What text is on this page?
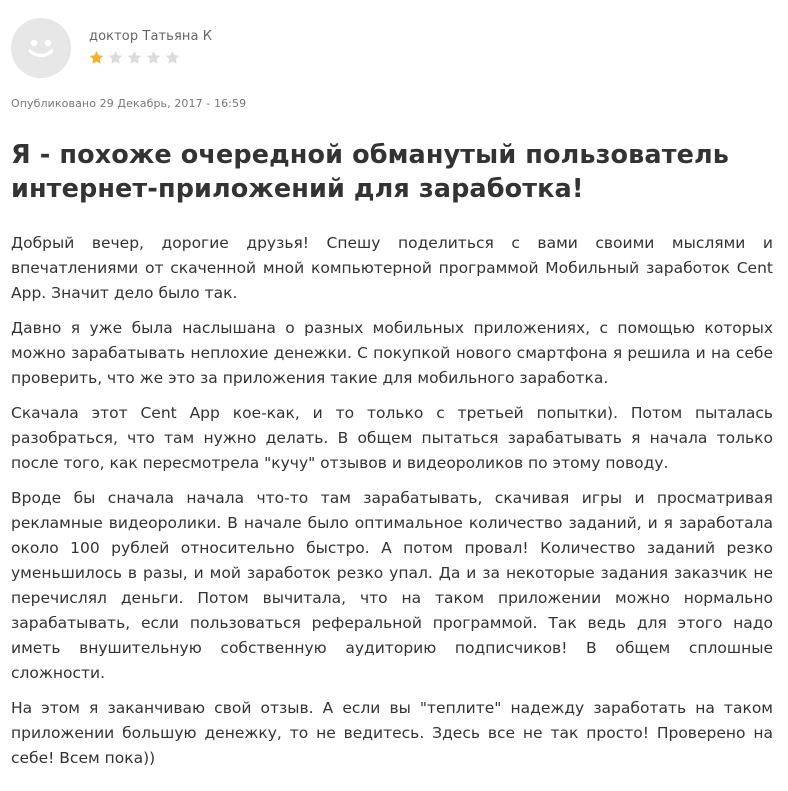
доктор Татьяна К
Опубликовано 29 Декабрь, 2017 - 16:59
Я - похоже очередной обманутый пользователь интернет-приложений для заработка!

Добрый вечер, дорогие друзья! Спешу поделиться с вами своими мыслями и впечатлениями от скаченной мной компьютерной программой Мобильный заработок Cent App. Значит дело было так.

Давно я уже была наслышана о разных мобильных приложениях, с помощью которых можно зарабатывать неплохие денежки. С покупкой нового смартфона я решила и на себе проверить, что же это за приложения такие для мобильного заработка.

Скачала этот Cent App кое-как, и то только с третьей попытки). Потом пыталась разобраться, что там нужно делать. В общем пытаться зарабатывать я начала только после того, как пересмотрела "кучу" отзывов и видеороликов по этому поводу.

Вроде бы сначала начала что-то там зарабатывать, скачивая игры и просматривая рекламные видеоролики. В начале было оптимальное количество заданий, и я заработала около 100 рублей относительно быстро. А потом провал! Количество заданий резко уменьшилось в разы, и мой заработок резко упал. Да и за некоторые задания заказчик не перечислял деньги. Потом вычитала, что на таком приложении можно нормально зарабатывать, если пользоваться реферальной программой. Так ведь для этого надо иметь внушительную собственную аудиторию подписчиков! В общем сплошные сложности.

На этом я заканчиваю свой отзыв. А если вы "теплите" надежду заработать на таком приложении большую денежку, то не ведитесь. Здесь все не так просто! Проверено на себе! Всем пока))
